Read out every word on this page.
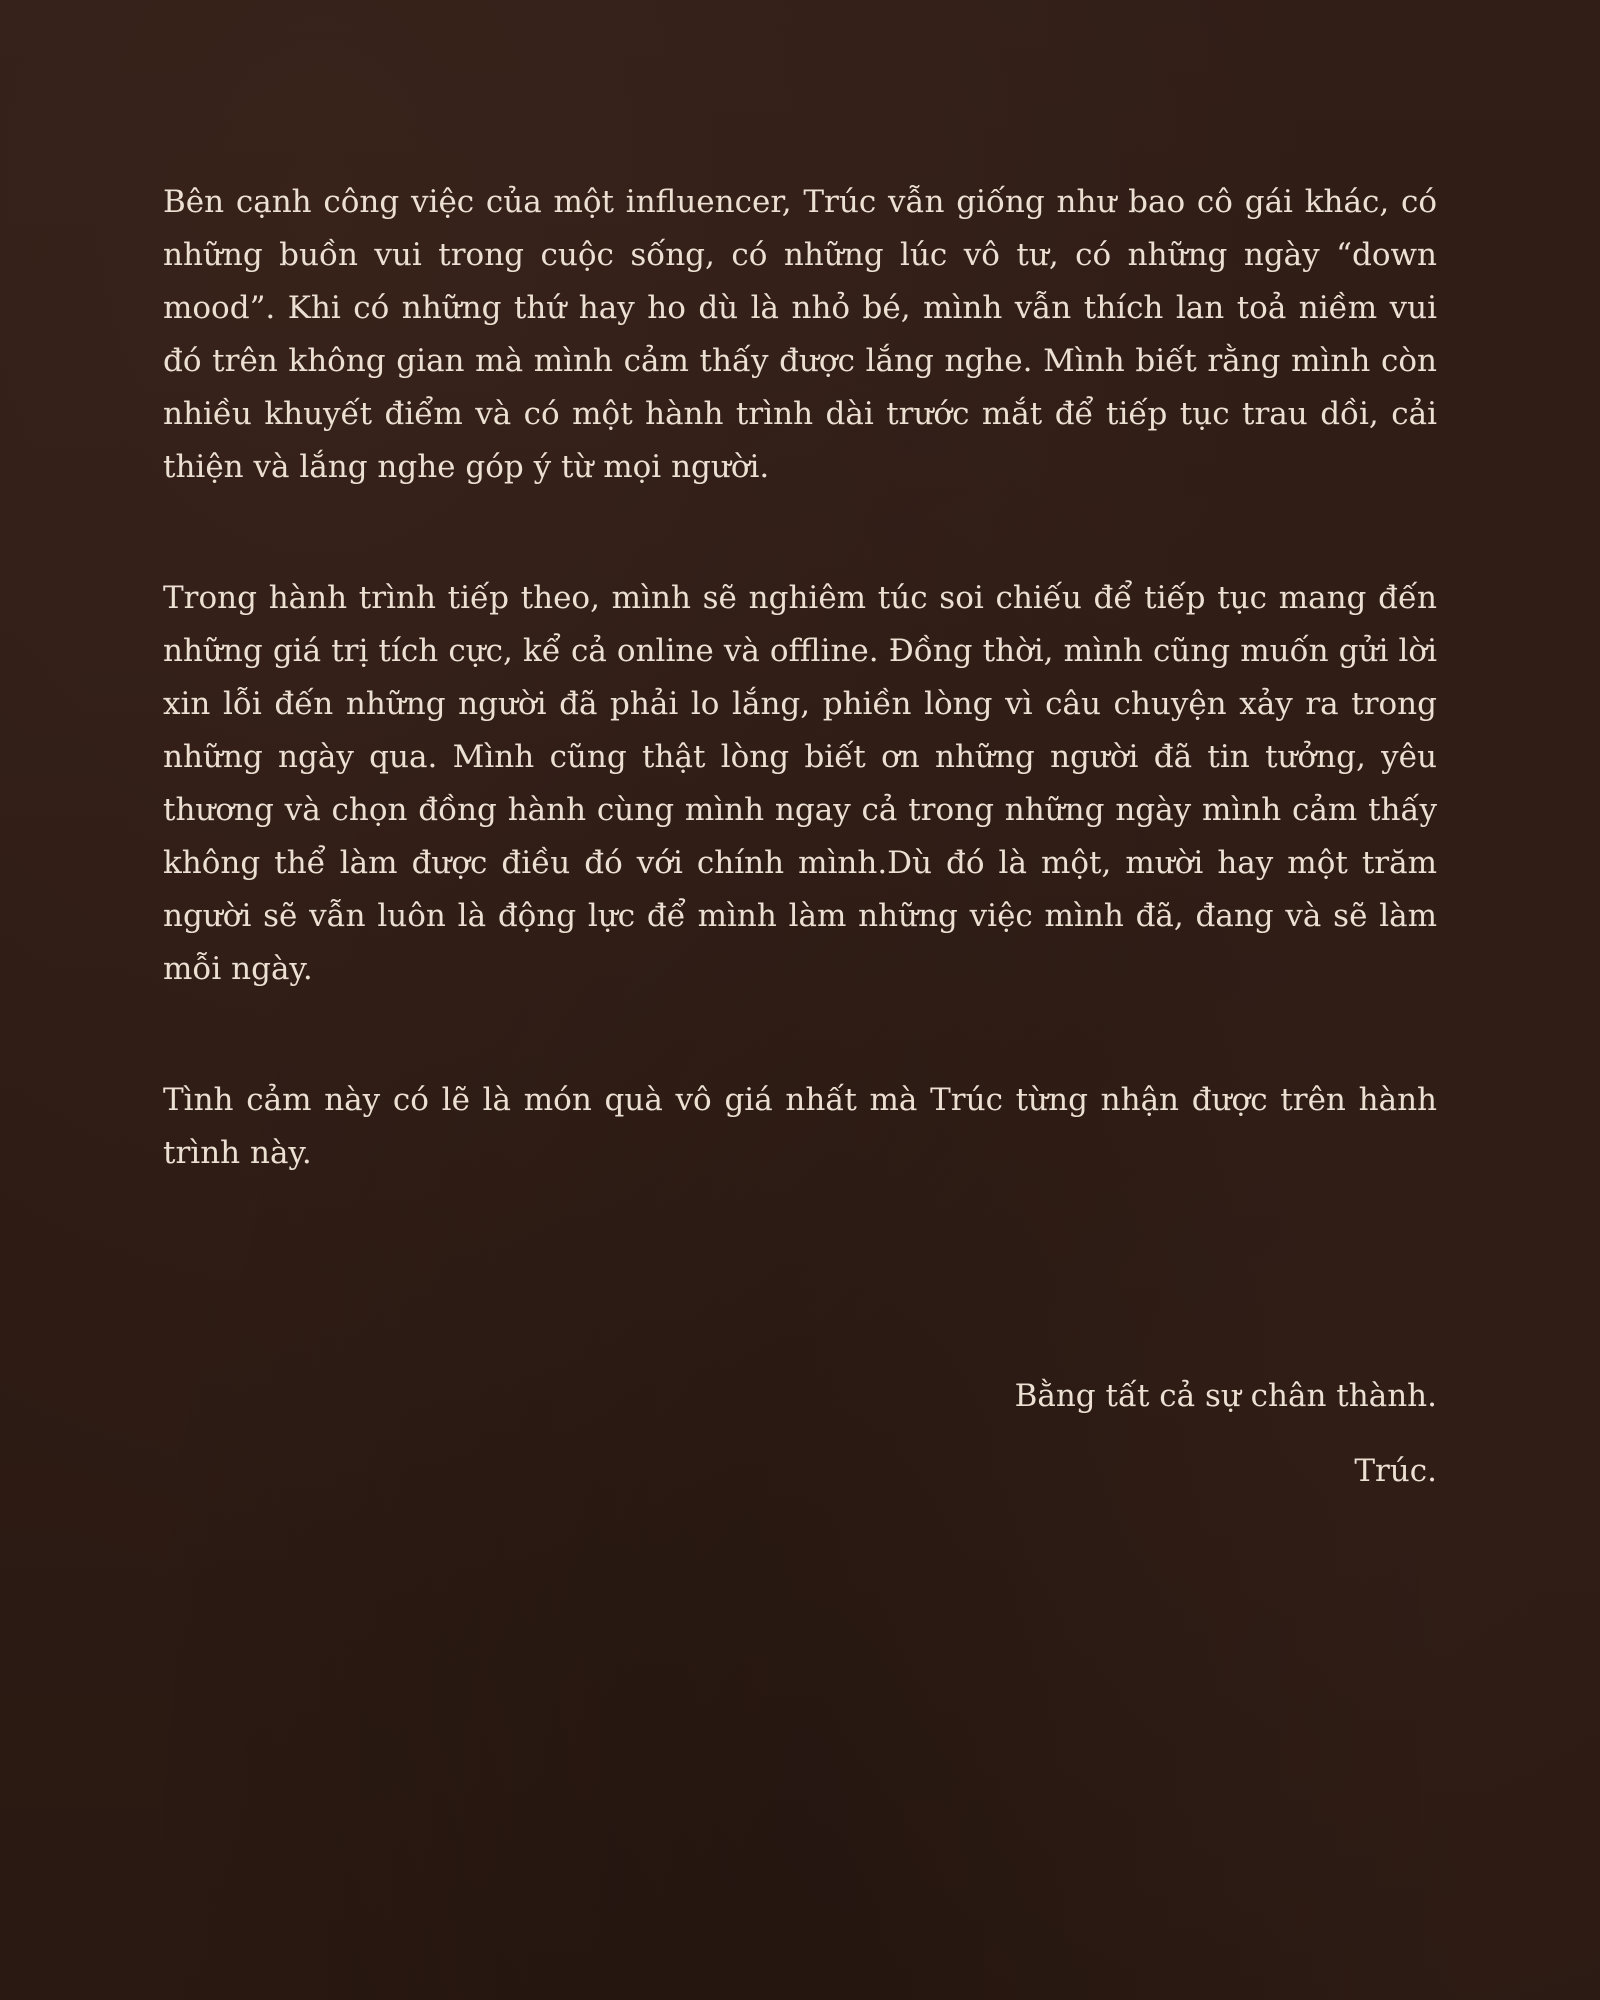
Bên cạnh công việc của một influencer, Trúc vẫn giống như bao cô gái khác, có những buồn vui trong cuộc sống, có những lúc vô tư, có những ngày “down mood”. Khi có những thứ hay ho dù là nhỏ bé, mình vẫn thích lan toả niềm vui đó trên không gian mà mình cảm thấy được lắng nghe. Mình biết rằng mình còn nhiều khuyết điểm và có một hành trình dài trước mắt để tiếp tục trau dồi, cải thiện và lắng nghe góp ý từ mọi người.

Trong hành trình tiếp theo, mình sẽ nghiêm túc soi chiếu để tiếp tục mang đến những giá trị tích cực, kể cả online và offline. Đồng thời, mình cũng muốn gửi lời xin lỗi đến những người đã phải lo lắng, phiền lòng vì câu chuyện xảy ra trong những ngày qua. Mình cũng thật lòng biết ơn những người đã tin tưởng, yêu thương và chọn đồng hành cùng mình ngay cả trong những ngày mình cảm thấy không thể làm được điều đó với chính mình.Dù đó là một, mười hay một trăm người sẽ vẫn luôn là động lực để mình làm những việc mình đã, đang và sẽ làm mỗi ngày.

Tình cảm này có lẽ là món quà vô giá nhất mà Trúc từng nhận được trên hành trình này.

Bằng tất cả sự chân thành.
Trúc.
